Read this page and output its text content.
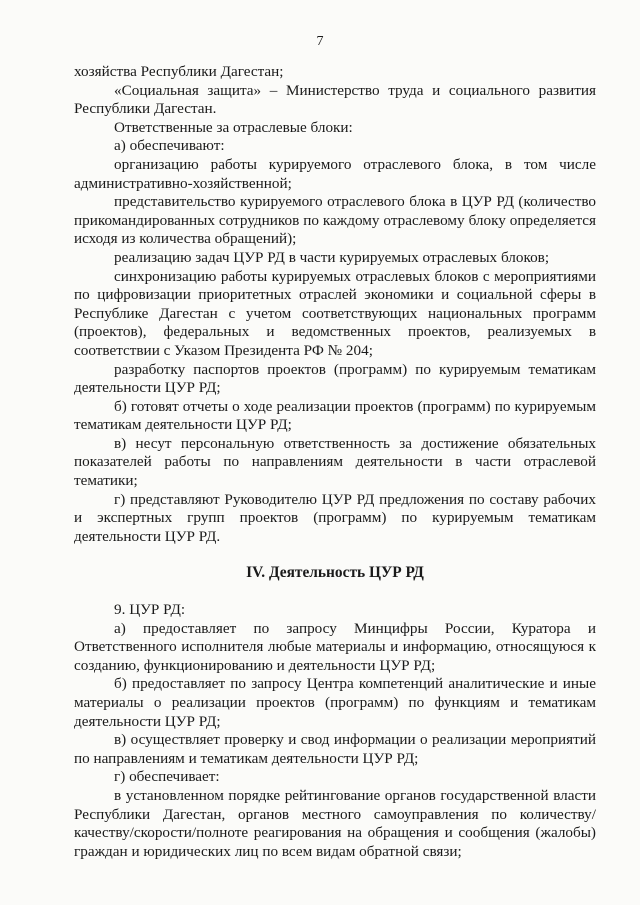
7

хозяйства Республики Дагестан;

«Социальная защита» – Министерство труда и социального развития Республики Дагестан.

Ответственные за отраслевые блоки:

а) обеспечивают:

организацию работы курируемого отраслевого блока, в том числе административно-хозяйственной;

представительство курируемого отраслевого блока в ЦУР РД (количество прикомандированных сотрудников по каждому отраслевому блоку определяется исходя из количества обращений);

реализацию задач ЦУР РД в части курируемых отраслевых блоков;

синхронизацию работы курируемых отраслевых блоков с мероприятиями по цифровизации приоритетных отраслей экономики и социальной сферы в Республике Дагестан с учетом соответствующих национальных программ (проектов), федеральных и ведомственных проектов, реализуемых в соответствии с Указом Президента РФ № 204;

разработку паспортов проектов (программ) по курируемым тематикам деятельности ЦУР РД;

б) готовят отчеты о ходе реализации проектов (программ) по курируемым тематикам деятельности ЦУР РД;

в) несут персональную ответственность за достижение обязательных показателей работы по направлениям деятельности в части отраслевой тематики;

г) представляют Руководителю ЦУР РД предложения по составу рабочих и экспертных групп проектов (программ) по курируемым тематикам деятельности ЦУР РД.

IV. Деятельность ЦУР РД

9. ЦУР РД:

а) предоставляет по запросу Минцифры России, Куратора и Ответственного исполнителя любые материалы и информацию, относящуюся к созданию, функционированию и деятельности ЦУР РД;

б) предоставляет по запросу Центра компетенций аналитические и иные материалы о реализации проектов (программ) по функциям и тематикам деятельности ЦУР РД;

в) осуществляет проверку и свод информации о реализации мероприятий по направлениям и тематикам деятельности ЦУР РД;

г) обеспечивает:

в установленном порядке рейтингование органов государственной власти Республики Дагестан, органов местного самоуправления по количеству/качеству/скорости/полноте реагирования на обращения и сообщения (жалобы) граждан и юридических лиц по всем видам обратной связи;
